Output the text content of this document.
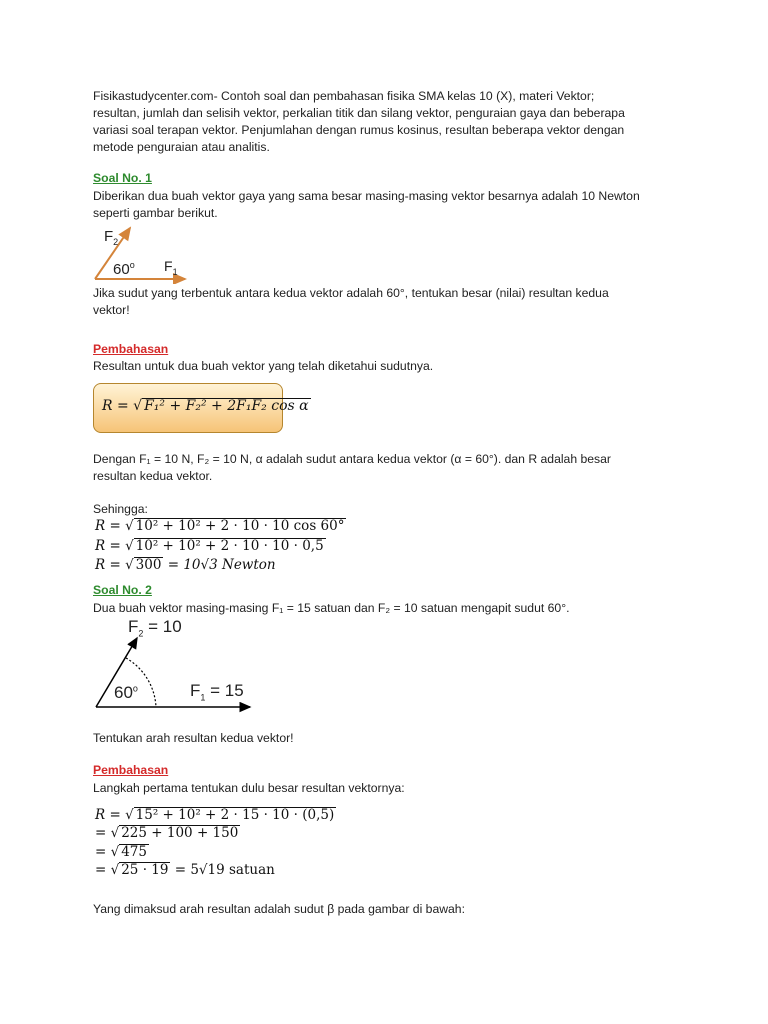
Fisikastudycenter.com- Contoh soal dan pembahasan fisika SMA kelas 10 (X), materi Vektor;
resultan, jumlah dan selisih vektor, perkalian titik dan silang vektor, penguraian gaya dan beberapa
variasi soal terapan vektor. Penjumlahan dengan rumus kosinus, resultan beberapa vektor dengan
metode penguraian atau analitis.
Soal No. 1
Diberikan dua buah vektor gaya yang sama besar masing-masing vektor besarnya adalah 10 Newton
seperti gambar berikut.
$F_2$
60$^o$ $F_1$
Jika sudut yang terbentuk antara kedua vektor adalah 60°, tentukan besar (nilai) resultan kedua
vektor!
Pembahasan
Resultan untuk dua buah vektor yang telah diketahui sudutnya.
R = √ F₁² + F₂² + 2F₁F₂ cos α
Dengan F₁ = 10 N, F₂ = 10 N, α adalah sudut antara kedua vektor (α = 60°). dan R adalah besar
resultan kedua vektor.
Sehingga:
R = √ 10² + 10² + 2 · 10 · 10 cos 60°
R = √ 10² + 10² + 2 · 10 · 10 · 0,5
R = √ 300 = 10√3 Newton
Soal No. 2
Dua buah vektor masing-masing F₁ = 15 satuan dan F₂ = 10 satuan mengapit sudut 60°.
$F_2 = 10$
60$^o$	$F_1 = 15$
Tentukan arah resultan kedua vektor!
Pembahasan
Langkah pertama tentukan dulu besar resultan vektornya:
R = √ 15² + 10² + 2 · 15 · 10 · (0,5)
= √ 225 + 100 + 150
= √ 475
= √ 25 · 19 = 5√19 satuan
Yang dimaksud arah resultan adalah sudut β pada gambar di bawah:
